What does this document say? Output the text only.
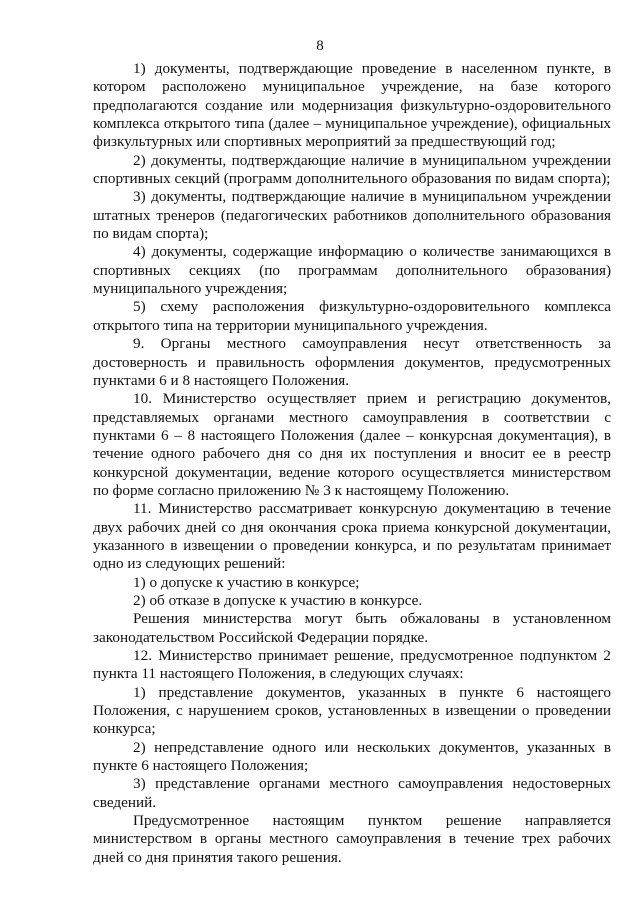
8

1) документы, подтверждающие проведение в населенном пункте, в котором расположено муниципальное учреждение, на базе которого предполагаются создание или модернизация физкультурно-оздоровительного комплекса открытого типа (далее – муниципальное учреждение), официальных физкультурных или спортивных мероприятий за предшествующий год;

2) документы, подтверждающие наличие в муниципальном учреждении спортивных секций (программ дополнительного образования по видам спорта);

3) документы, подтверждающие наличие в муниципальном учреждении штатных тренеров (педагогических работников дополнительного образования по видам спорта);

4) документы, содержащие информацию о количестве занимающихся в спортивных секциях (по программам дополнительного образования) муниципального учреждения;

5) схему расположения физкультурно-оздоровительного комплекса открытого типа на территории муниципального учреждения.

9. Органы местного самоуправления несут ответственность за достоверность и правильность оформления документов, предусмотренных пунктами 6 и 8 настоящего Положения.

10. Министерство осуществляет прием и регистрацию документов, представляемых органами местного самоуправления в соответствии с пунктами 6 – 8 настоящего Положения (далее – конкурсная документация), в течение одного рабочего дня со дня их поступления и вносит ее в реестр конкурсной документации, ведение которого осуществляется министерством по форме согласно приложению № 3 к настоящему Положению.

11. Министерство рассматривает конкурсную документацию в течение двух рабочих дней со дня окончания срока приема конкурсной документации, указанного в извещении о проведении конкурса, и по результатам принимает одно из следующих решений:

1) о допуске к участию в конкурсе;

2) об отказе в допуске к участию в конкурсе.

Решения министерства могут быть обжалованы в установленном законодательством Российской Федерации порядке.

12. Министерство принимает решение, предусмотренное подпунктом 2 пункта 11 настоящего Положения, в следующих случаях:

1) представление документов, указанных в пункте 6 настоящего Положения, с нарушением сроков, установленных в извещении о проведении конкурса;

2) непредставление одного или нескольких документов, указанных в пункте 6 настоящего Положения;

3) представление органами местного самоуправления недостоверных сведений.

Предусмотренное настоящим пунктом решение направляется министерством в органы местного самоуправления в течение трех рабочих дней со дня принятия такого решения.
